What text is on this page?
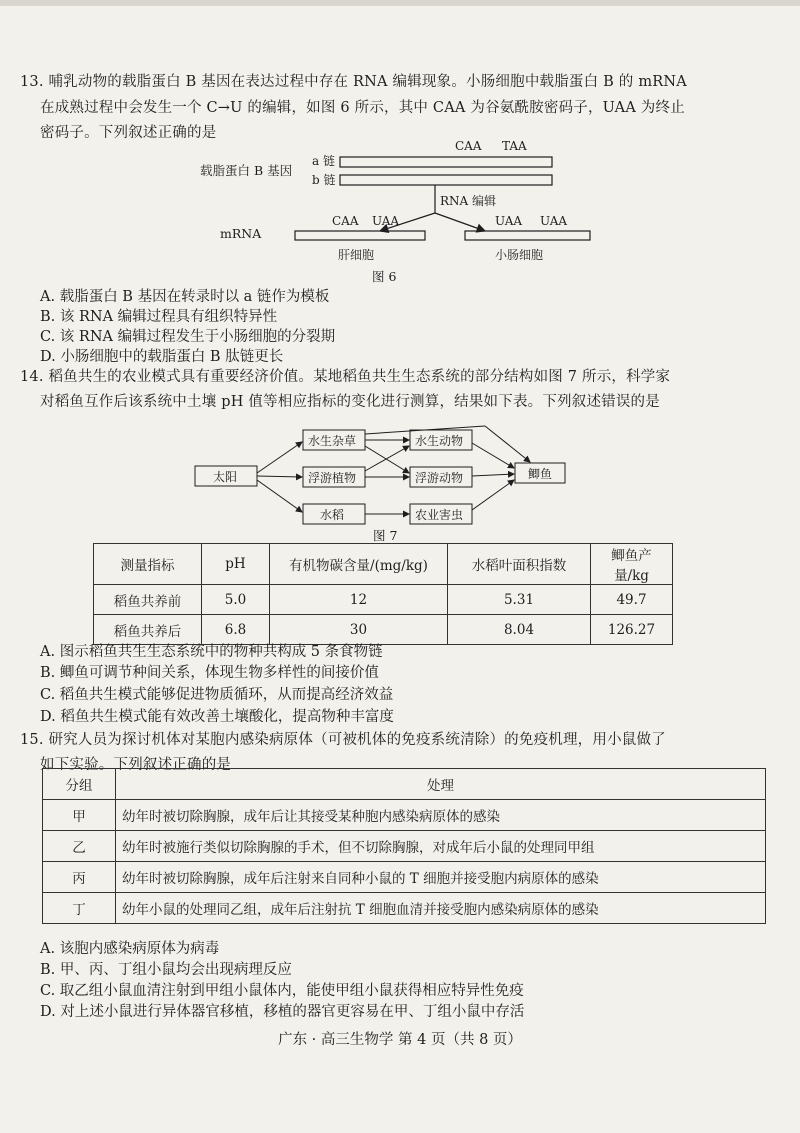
13. 哺乳动物的载脂蛋白 B 基因在表达过程中存在 RNA 编辑现象。小肠细胞中载脂蛋白 B 的 mRNA
在成熟过程中会发生一个 C→U 的编辑，如图 6 所示，其中 CAA 为谷氨酰胺密码子，UAA 为终止
密码子。下列叙述正确的是
载脂蛋白 B 基因
CAA TAA
a 链
b 链
RNA 编辑
mRNA
CAA UAA	UAA UAA
肝细胞	小肠细胞
图 6
A. 载脂蛋白 B 基因在转录时以 a 链作为模板
B. 该 RNA 编辑过程具有组织特异性
C. 该 RNA 编辑过程发生于小肠细胞的分裂期
D. 小肠细胞中的载脂蛋白 B 肽链更长
14. 稻鱼共生的农业模式具有重要经济价值。某地稻鱼共生生态系统的部分结构如图 7 所示，科学家
对稻鱼互作后该系统中土壤 pH 值等相应指标的变化进行测算，结果如下表。下列叙述错误的是
太阳
水生杂草
浮游植物
水稻
水生动物
浮游动物
农业害虫
鲫鱼
图 7
测量指标	pH	有机物碳含量/(mg/kg)	水稻叶面积指数	鲫鱼产量/kg
稻鱼共养前	5.0	12	5.31	49.7
稻鱼共养后	6.8	30	8.04	126.27
A. 图示稻鱼共生生态系统中的物种共构成 5 条食物链
B. 鲫鱼可调节种间关系，体现生物多样性的间接价值
C. 稻鱼共生模式能够促进物质循环，从而提高经济效益
D. 稻鱼共生模式能有效改善土壤酸化，提高物种丰富度
15. 研究人员为探讨机体对某胞内感染病原体（可被机体的免疫系统清除）的免疫机理，用小鼠做了
如下实验。下列叙述正确的是
分组	处理
甲	幼年时被切除胸腺，成年后让其接受某种胞内感染病原体的感染
乙	幼年时被施行类似切除胸腺的手术，但不切除胸腺，对成年后小鼠的处理同甲组
丙	幼年时被切除胸腺，成年后注射来自同种小鼠的 T 细胞并接受胞内病原体的感染
丁	幼年小鼠的处理同乙组，成年后注射抗 T 细胞血清并接受胞内感染病原体的感染
A. 该胞内感染病原体为病毒
B. 甲、丙、丁组小鼠均会出现病理反应
C. 取乙组小鼠血清注射到甲组小鼠体内，能使甲组小鼠获得相应特异性免疫
D. 对上述小鼠进行异体器官移植，移植的器官更容易在甲、丁组小鼠中存活
广东 · 高三生物学 第 4 页（共 8 页）
